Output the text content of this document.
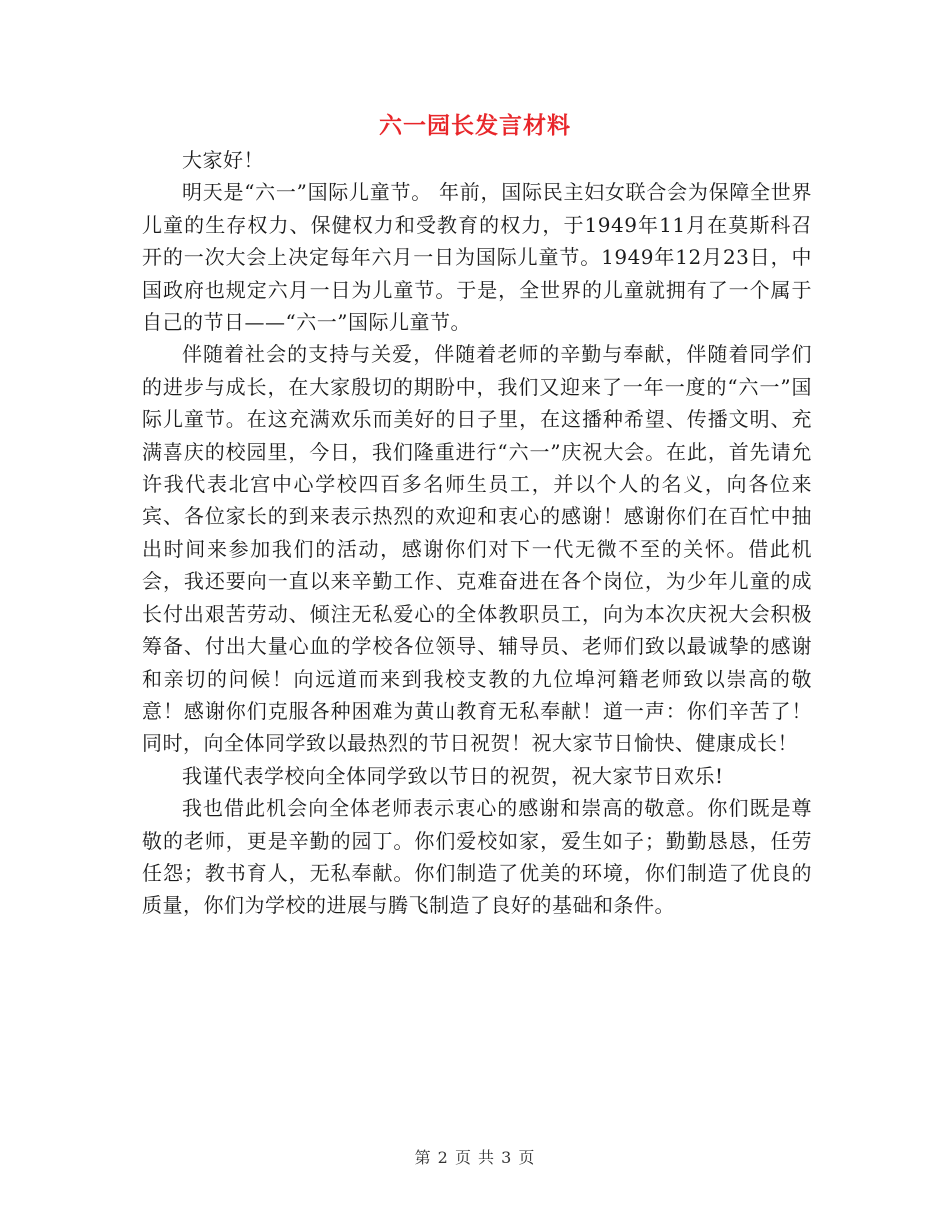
六一园长发言材料

大家好！

明天是“六一”国际儿童节。 年前，国际民主妇女联合会为保障全世界儿童的生存权力、保健权力和受教育的权力，于1949年11月在莫斯科召开的一次大会上决定每年六月一日为国际儿童节。1949年12月23日，中国政府也规定六月一日为儿童节。于是，全世界的儿童就拥有了一个属于自己的节日——“六一”国际儿童节。

伴随着社会的支持与关爱，伴随着老师的辛勤与奉献，伴随着同学们的进步与成长，在大家殷切的期盼中，我们又迎来了一年一度的“六一”国际儿童节。在这充满欢乐而美好的日子里，在这播种希望、传播文明、充满喜庆的校园里，今日，我们隆重进行“六一”庆祝大会。在此，首先请允许我代表北宫中心学校四百多名师生员工，并以个人的名义，向各位来宾、各位家长的到来表示热烈的欢迎和衷心的感谢！感谢你们在百忙中抽出时间来参加我们的活动，感谢你们对下一代无微不至的关怀。借此机会，我还要向一直以来辛勤工作、克难奋进在各个岗位，为少年儿童的成长付出艰苦劳动、倾注无私爱心的全体教职员工，向为本次庆祝大会积极筹备、付出大量心血的学校各位领导、辅导员、老师们致以最诚挚的感谢和亲切的问候！向远道而来到我校支教的九位埠河籍老师致以崇高的敬意！感谢你们克服各种困难为黄山教育无私奉献！道一声：你们辛苦了！同时，向全体同学致以最热烈的节日祝贺！祝大家节日愉快、健康成长！

我谨代表学校向全体同学致以节日的祝贺，祝大家节日欢乐!

我也借此机会向全体老师表示衷心的感谢和崇高的敬意。你们既是尊敬的老师，更是辛勤的园丁。你们爱校如家，爱生如子；勤勤恳恳，任劳任怨；教书育人，无私奉献。你们制造了优美的环境，你们制造了优良的质量，你们为学校的进展与腾飞制造了良好的基础和条件。

第 2 页 共 3 页
